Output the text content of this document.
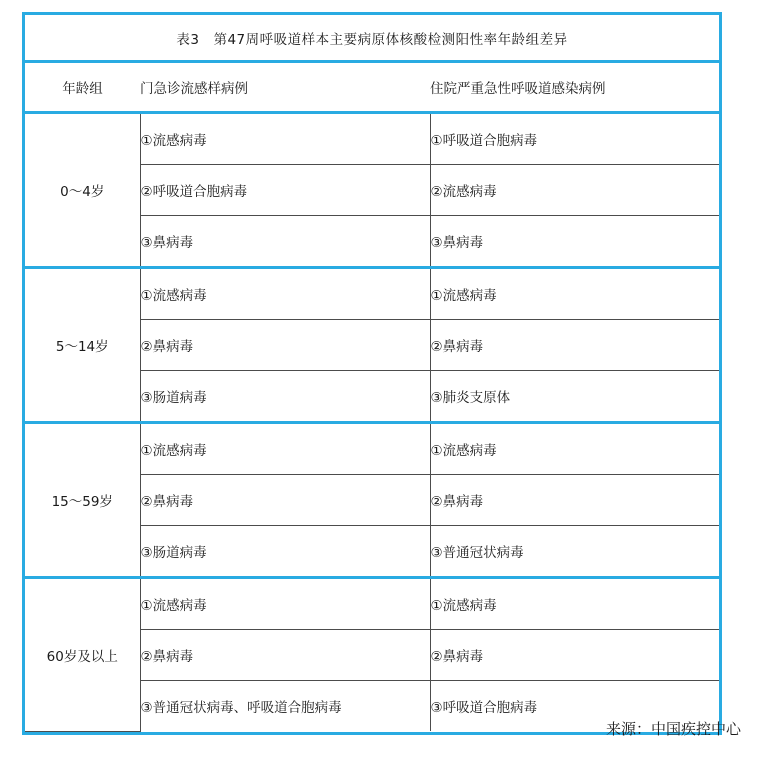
表3　第47周呼吸道样本主要病原体核酸检测阳性率年龄组差异		
年龄组	门急诊流感样病例	住院严重急性呼吸道感染病例
0～4岁	①流感病毒	①呼吸道合胞病毒
	②呼吸道合胞病毒	②流感病毒
	③鼻病毒	③鼻病毒
5～14岁	①流感病毒	①流感病毒
	②鼻病毒	②鼻病毒
	③肠道病毒	③肺炎支原体
15～59岁	①流感病毒	①流感病毒
	②鼻病毒	②鼻病毒
	③肠道病毒	③普通冠状病毒
60岁及以上	①流感病毒	①流感病毒
	②鼻病毒	②鼻病毒
	③普通冠状病毒、呼吸道合胞病毒	③呼吸道合胞病毒
来源：中国疾控中心
